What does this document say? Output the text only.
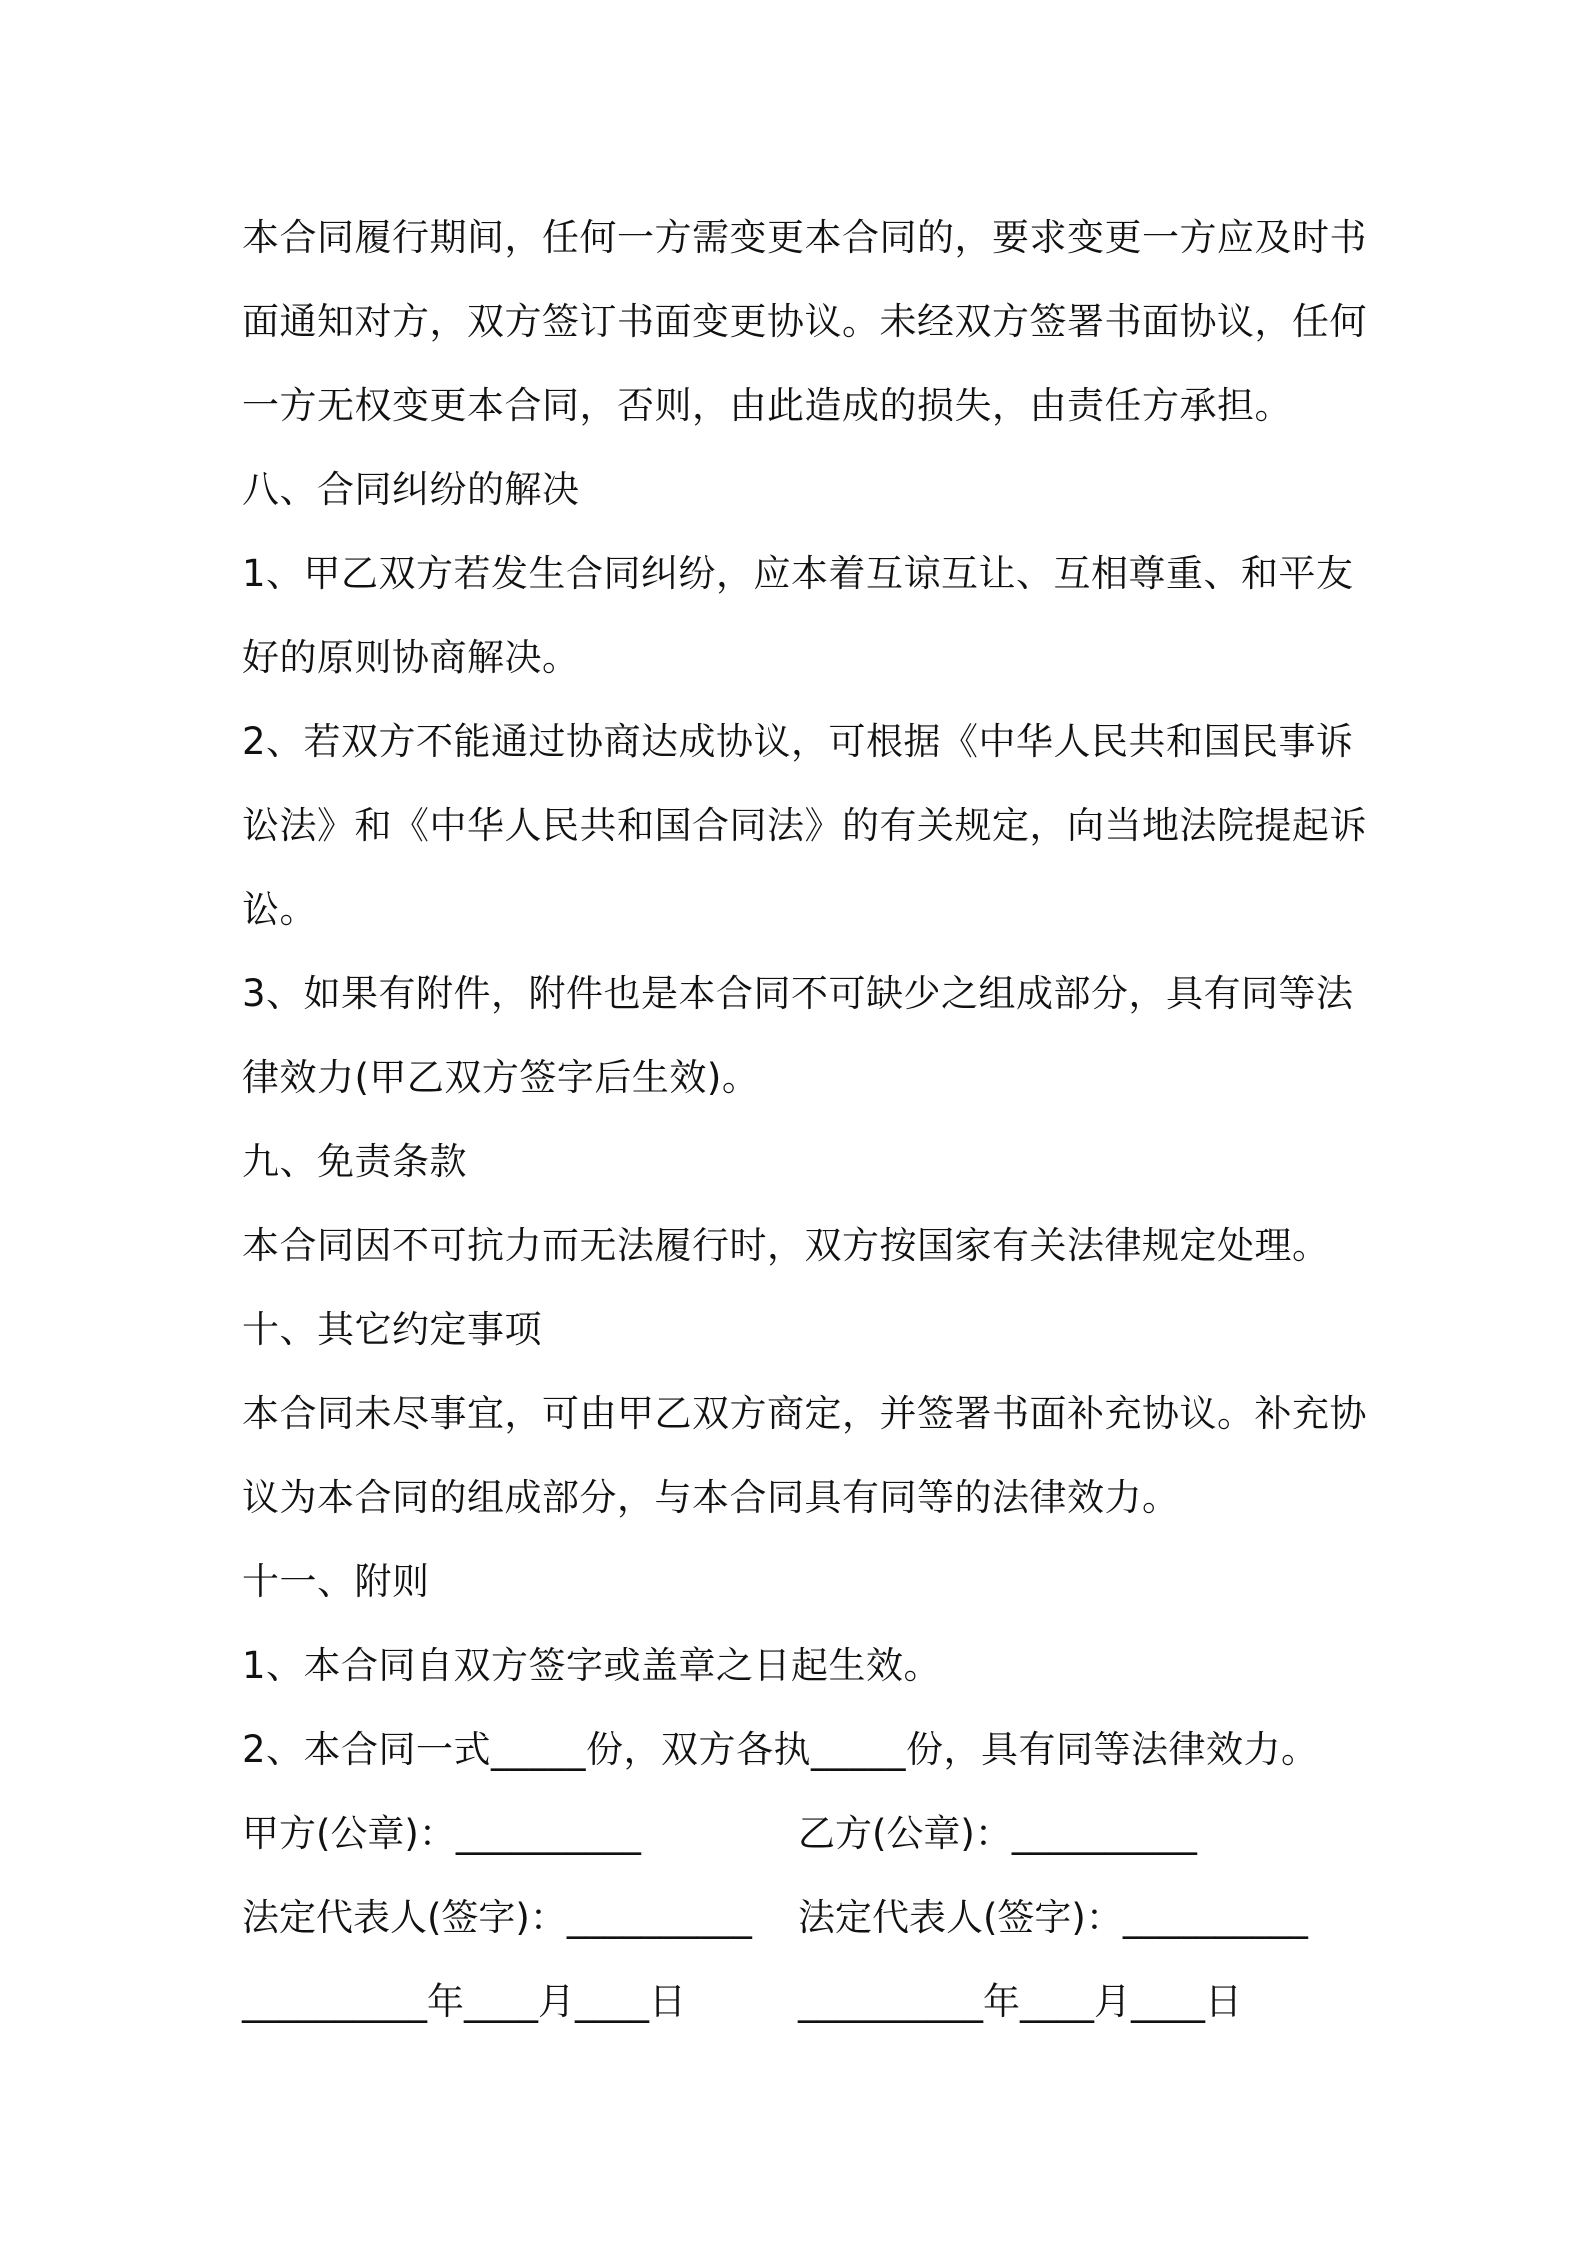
本合同履行期间，任何一方需变更本合同的，要求变更一方应及时书
面通知对方，双方签订书面变更协议。未经双方签署书面协议，任何
一方无权变更本合同，否则，由此造成的损失，由责任方承担。
八、合同纠纷的解决
1、甲乙双方若发生合同纠纷，应本着互谅互让、互相尊重、和平友
好的原则协商解决。
2、若双方不能通过协商达成协议，可根据《中华人民共和国民事诉
讼法》和《中华人民共和国合同法》的有关规定，向当地法院提起诉
讼。
3、如果有附件，附件也是本合同不可缺少之组成部分，具有同等法
律效力(甲乙双方签字后生效)。
九、免责条款
本合同因不可抗力而无法履行时，双方按国家有关法律规定处理。
十、其它约定事项
本合同未尽事宜，可由甲乙双方商定，并签署书面补充协议。补充协
议为本合同的组成部分，与本合同具有同等的法律效力。
十一、附则
1、本合同自双方签字或盖章之日起生效。
2、本合同一式_____份，双方各执_____份，具有同等法律效力。
甲方(公章)：__________	乙方(公章)：__________
法定代表人(签字)：__________ 法定代表人(签字)：__________
__________年____月____日	__________年____月____日
